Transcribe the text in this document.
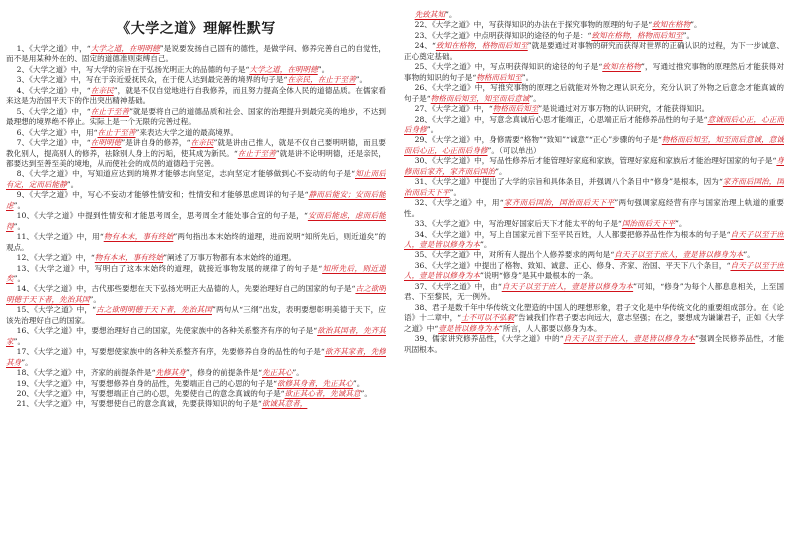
《大学之道》理解性默写

1、《大学之道》中，“大学之道，在明明德”是说要发扬自己固有的德性，是做学问、修养完善自己的自觉性，而不是用某种外在的、固定的道德准则束缚自己。

2、《大学之道》中，写大学的宗旨在于弘扬光明正大的品德的句子是“大学之道，在明明德”。

3、《大学之道》中，写在于亲近爱抚民众，在于使人达到最完善的境界的句子是“在亲民，在止于至善”。

4、《大学之道》中，“在亲民”，就是不仅自觉地进行自我修养，而且努力提高全体人民的道德品质。在儒家看来这是为治国平天下的作出突出精神基础。

5、《大学之道》中，“在止于至善”就是要将自己的道德品质和社会、国家的治理提升到最完美的地步，不达到最理想的境界绝不停止。实际上是一个无限的完善过程。

6、《大学之道》中，用“在止于至善”来表达大学之道的最高境界。

7、《大学之道》中，“在明明德”是讲自身的修养，“在亲民”就是讲由己推人，就是不仅自己要明明德，而且要教化别人，提高别人的修养，祛除别人身上的污垢，使其成为新民。“在止于至善”就是讲不论明明德，还是亲民，都要达到至善至美的境地，从而使社会的成员的道德趋于完善。

8、《大学之道》中，写知道应达到的境界才能够志向坚定，志向坚定才能够做到心不妄动的句子是“知止而后有定，定而后能静”。

9、《大学之道》中，写心不妄动才能够性情安和；性情安和才能够思虑周详的句子是“静而后能安；安而后能虑”。

10、《大学之道》中提到性情安和才能思考周全，思考周全才能处事合宜的句子是，“安而后能虑，虑而后能得”。

11、《大学之道》中，用“物有本末，事有终始”两句指出本末始终的道理，进而说明“知所先后，则近道矣”的观点。

12、《大学之道》中，“物有本末，事有终始”阐述了万事万物都有本末始终的道理。

13、《大学之道》中，写明白了这本末始终的道理，就接近事物发展的规律了的句子是“知所先后，则近道矣”。

14、《大学之道》中，古代那些要想在天下弘扬光明正大品德的人，先要治理好自己的国家的句子是“古之欲明明德于天下者，先治其国”。

15、《大学之道》中，“古之欲明明德于天下者，先治其国”两句从“三纲”出发，表明要想彰明美德于天下，应该先治理好自己的国家。

16、《大学之道》中，要想治理好自己的国家，先使家族中的各种关系整齐有序的句子是“欲治其国者，先齐其家”。

17、《大学之道》中，写要想使家族中的各种关系整齐有序，先要修养自身的品性的句子是“欲齐其家者，先修其身”。

18、《大学之道》中，齐家的前提条件是“先修其身”，修身的前提条件是“先正其心”。

19、《大学之道》中，写要想修养自身的品性，先要端正自己的心思的句子是“欲修其身者，先正其心”。

20、《大学之道》中，写要想端正自己的心思，先要使自己的意念真诚的句子是“欲正其心者，先诚其意”。

21、《大学之道》中，写要想使自己的意念真诚，先要获得知识的句子是“欲诚其意者，

先致其知”。

22、《大学之道》中，写获得知识的办法在于探究事物的原理的句子是“致知在格物”。

23、《大学之道》中点明获得知识的途径的句子是：“致知在格物，格物而后知至”。

24、“致知在格物，格物而后知至”就是要通过对事物的研究而获得对世界的正确认识的过程，为下一步诚意、正心奠定基础。

25、《大学之道》中，写点明获得知识的途径的句子是“致知在格物”，写通过推究事物的原理然后才能获得对事物的知识的句子是“物格而后知至”。

26、《大学之道》中，写推究事物的原理之后就能对外物之理认识充分，充分认识了外物之后意念才能真诚的句子是“物格而后知至，知至而后意诚”。

27、《大学之道》中，“物格而后知至”是说通过对万事万物的认识研究，才能获得知识。

28、《大学之道》中，写意念真诚后心思才能端正，心思端正后才能修养品性的句子是“意诚而后心正，心正而后身修”。

29、《大学之道》中，身修需要“格物”“致知”“诚意”“正心”步骤的句子是“物格而后知至，知至而后意诚，意诚而后心正，心正而后身修”。（可以单出）

30、《大学之道》中，写品性修养后才能管理好家庭和家族，管理好家庭和家族后才能治理好国家的句子是“身修而后家齐，家齐而后国治”。

31、《大学之道》中提出了大学的宗旨和具体条目，并强调八个条目中“修身”是根本，因为“家齐而后国治，国治而后天下平”。

32、《大学之道》中，用“家齐而后国治，国治而后天下平”两句强调家庭经营有序与国家治理上轨道的重要性。

33、《大学之道》中，写治理好国家后天下才能太平的句子是“国治而后天下平”。

34、《大学之道》中，写上自国家元首下至平民百姓，人人都要把修养品性作为根本的句子是“自天子以至于庶人，壹是皆以修身为本”。

35、《大学之道》中，对所有人提出个人修养要求的两句是“自天子以至于庶人，壹是皆以修身为本”。

36、《大学之道》中提出了格物、致知、诚意、正心、修身、齐家、治国、平天下八个条目，“自天子以至于庶人，壹是皆以修身为本”说明“修身”是其中最根本的一条。

37、《大学之道》中，由“自天子以至于庶人，壹是皆以修身为本”可知，“修身”为每个人都息息相关，上至国君、下至黎民，无一例外。

38、君子是数千年中华传统文化塑造的中国人的理想形象，君子文化是中华传统文化的重要组成部分。在《论语》十二章中，“士不可以不弘毅”告诫我们作君子要志向远大，意志坚强；在之，要想成为谦谦君子，正如《大学之道》中“壹是皆以修身为本”所言，人人都要以修身为本。

39、儒家讲究修养品性，《大学之道》中的“自天子以至于庶人，壹是皆以修身为本”强调全民修养品性，才能巩固根本。
